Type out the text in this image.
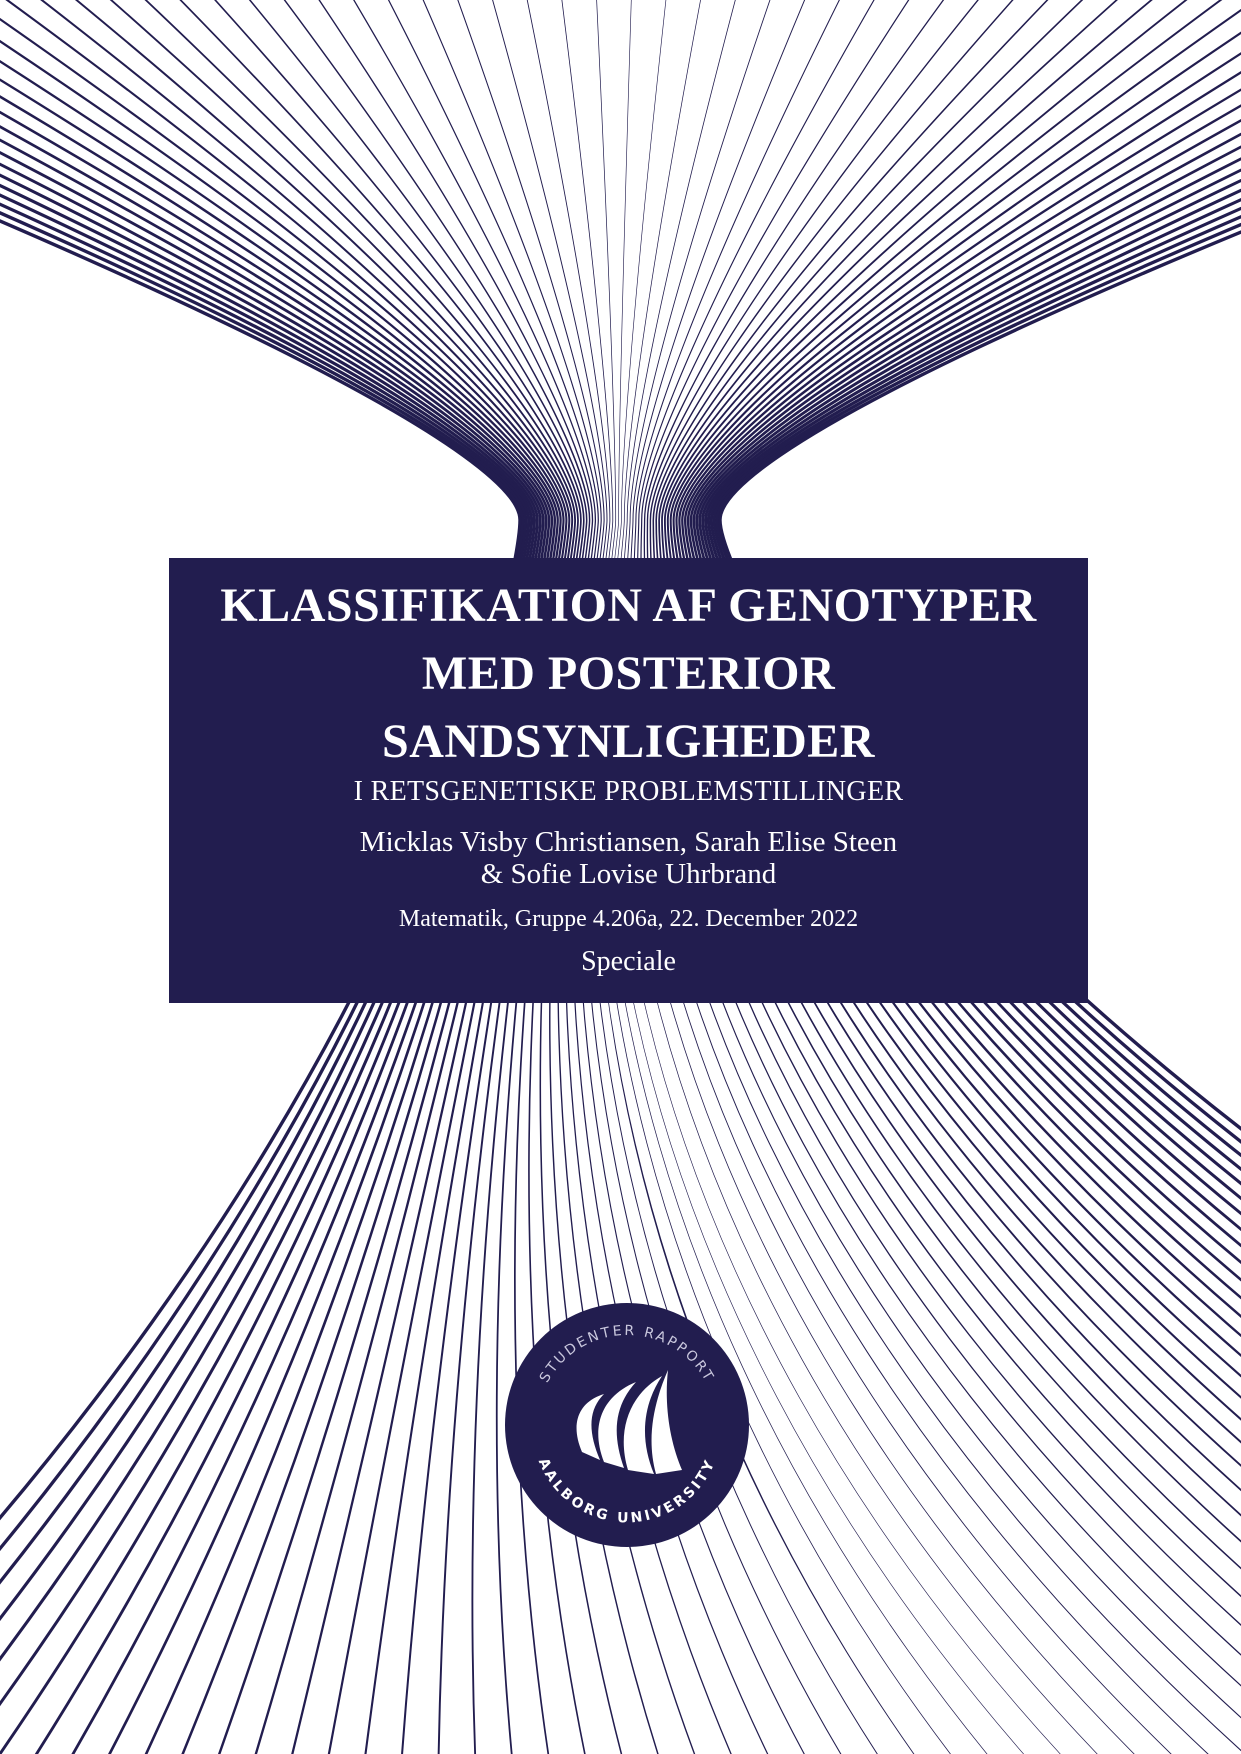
KLASSIFIKATION AF GENOTYPER
MED POSTERIOR
SANDSYNLIGHEDER
I RETSGENETISKE PROBLEMSTILLINGER
Micklas Visby Christiansen, Sarah Elise Steen
& Sofie Lovise Uhrbrand
Matematik, Gruppe 4.206a, 22. December 2022
Speciale
STUDENTER RAPPORT
AALBORG UNIVERSITY
